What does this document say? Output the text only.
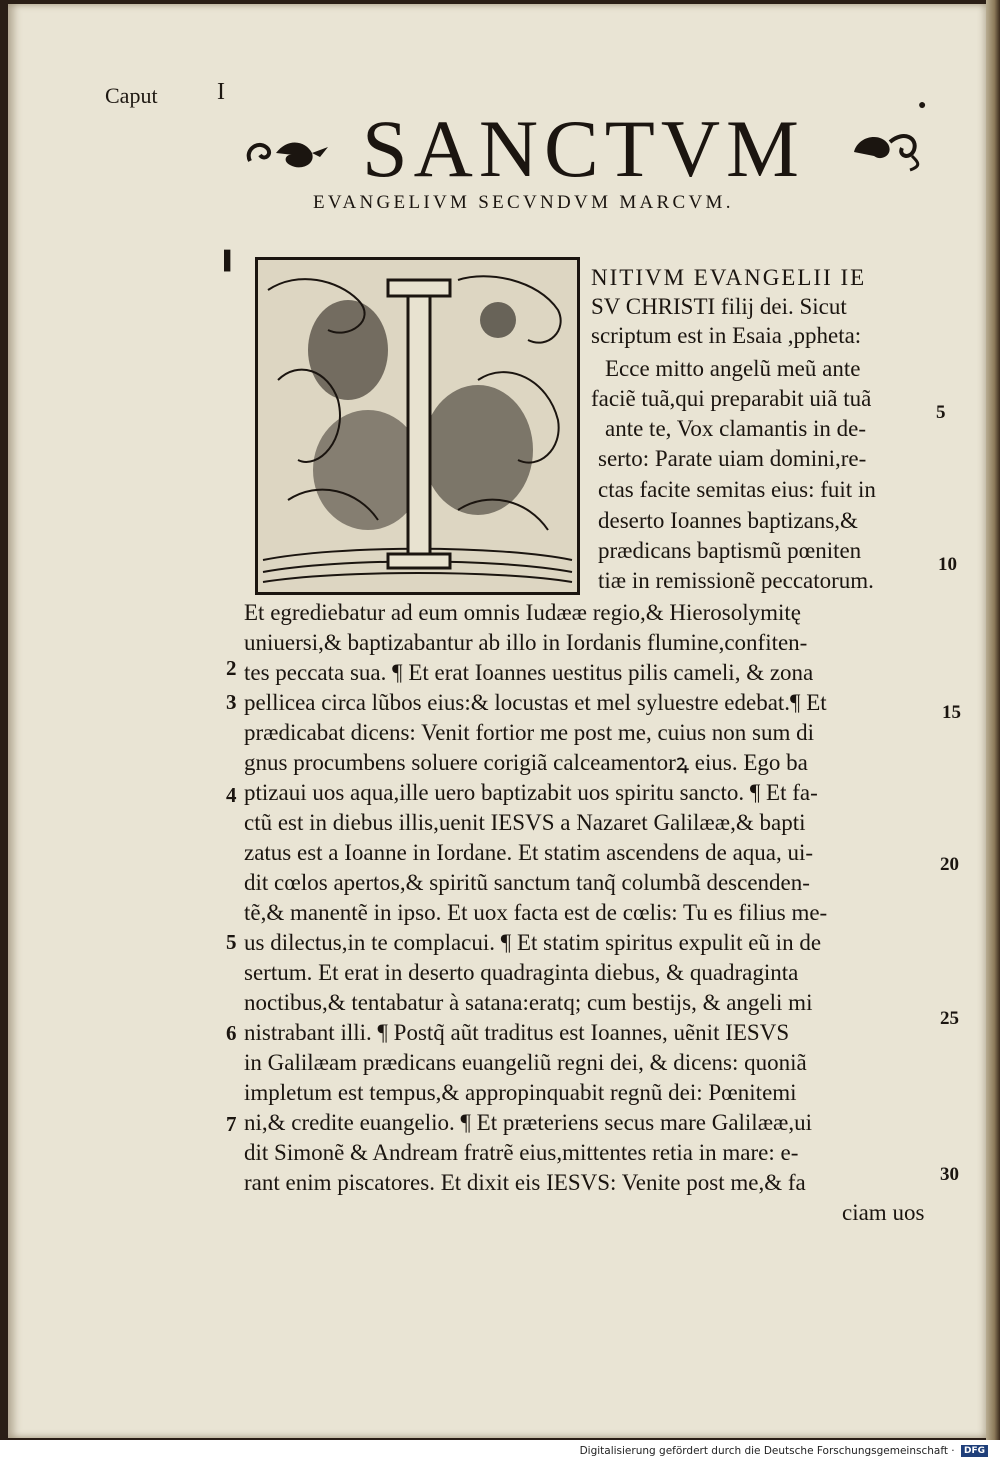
Caput I
●
SANCTVM
EVANGELIVM SECVNDVM MARCVM.
▌
NITIVM EVANGELII IE
SV CHRISTI filij dei. Sicut
scriptum est in Esaia ,ppheta:
Ecce mitto angelũ meũ ante
faciẽ tuã,qui preparabit uiã tuã
ante te, Vox clamantis in de-
serto: Parate uiam domini,re-
ctas facite semitas eius: fuit in
deserto Ioannes baptizans,&
prædicans baptismũ pœniten
tiæ in remissionẽ peccatorum.
Et egrediebatur ad eum omnis Iudææ regio,& Hierosolymitę
uniuersi,& baptizabantur ab illo in Iordanis flumine,confiten-
tes peccata sua. ¶ Et erat Ioannes uestitus pilis cameli, & zona
pellicea circa lũbos eius:& locustas et mel syluestre edebat.¶ Et
prædicabat dicens: Venit fortior me post me, cuius non sum di
gnus procumbens soluere corigiã calceamentorꝝ eius. Ego ba
ptizaui uos aqua,ille uero baptizabit uos spiritu sancto. ¶ Et fa-
ctũ est in diebus illis,uenit IESVS a Nazaret Galilææ,& bapti
zatus est a Ioanne in Iordane. Et statim ascendens de aqua, ui-
dit cœlos apertos,& spiritũ sanctum tanq̃ columbã descenden-
tẽ,& manentẽ in ipso. Et uox facta est de cœlis: Tu es filius me-
us dilectus,in te complacui. ¶ Et statim spiritus expulit eũ in de
sertum. Et erat in deserto quadraginta diebus, & quadraginta
noctibus,& tentabatur à satana:eratq; cum bestijs, & angeli mi
nistrabant illi. ¶ Postq̃ aũt traditus est Ioannes, uẽnit IESVS
in Galilæam prædicans euangeliũ regni dei, & dicens: quoniã
impletum est tempus,& appropinquabit regnũ dei: Pœnitemi
ni,& credite euangelio. ¶ Et præteriens secus mare Galilææ,ui
dit Simonẽ & Andream fratrẽ eius,mittentes retia in mare: e-
rant enim piscatores. Et dixit eis IESVS: Venite post me,& fa
ciam uos
2
3
4
5
6
7
5
10
15
20
25
30
Digitalisierung gefördert durch die Deutsche Forschungsgemeinschaft · DFG
